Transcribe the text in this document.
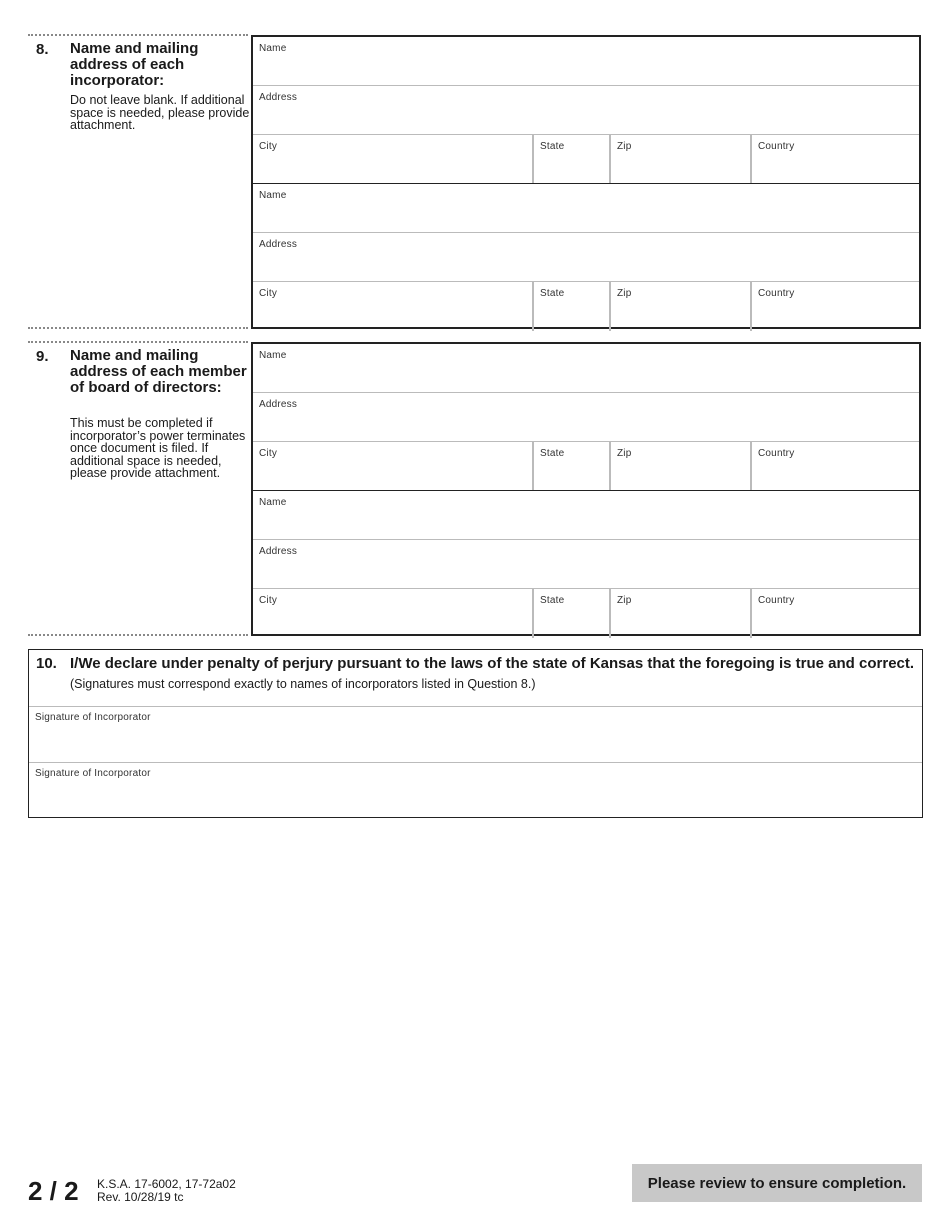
8. Name and mailing address of each incorporator:
Do not leave blank. If additional space is needed, please provide attachment.
Name
Address
City	State	Zip	Country
Name
Address
City	State	Zip	Country
9. Name and mailing address of each member of board of directors:
This must be completed if incorporator’s power terminates once document is filed. If additional space is needed, please provide attachment.
Name
Address
City	State	Zip	Country
Name
Address
City	State	Zip	Country
10. I/We declare under penalty of perjury pursuant to the laws of the state of Kansas that the foregoing is true and correct.
(Signatures must correspond exactly to names of incorporators listed in Question 8.)
Signature of Incorporator
Signature of Incorporator
2 / 2 K.S.A. 17-6002, 17-72a02
Rev. 10/28/19 tc
Please review to ensure completion.
